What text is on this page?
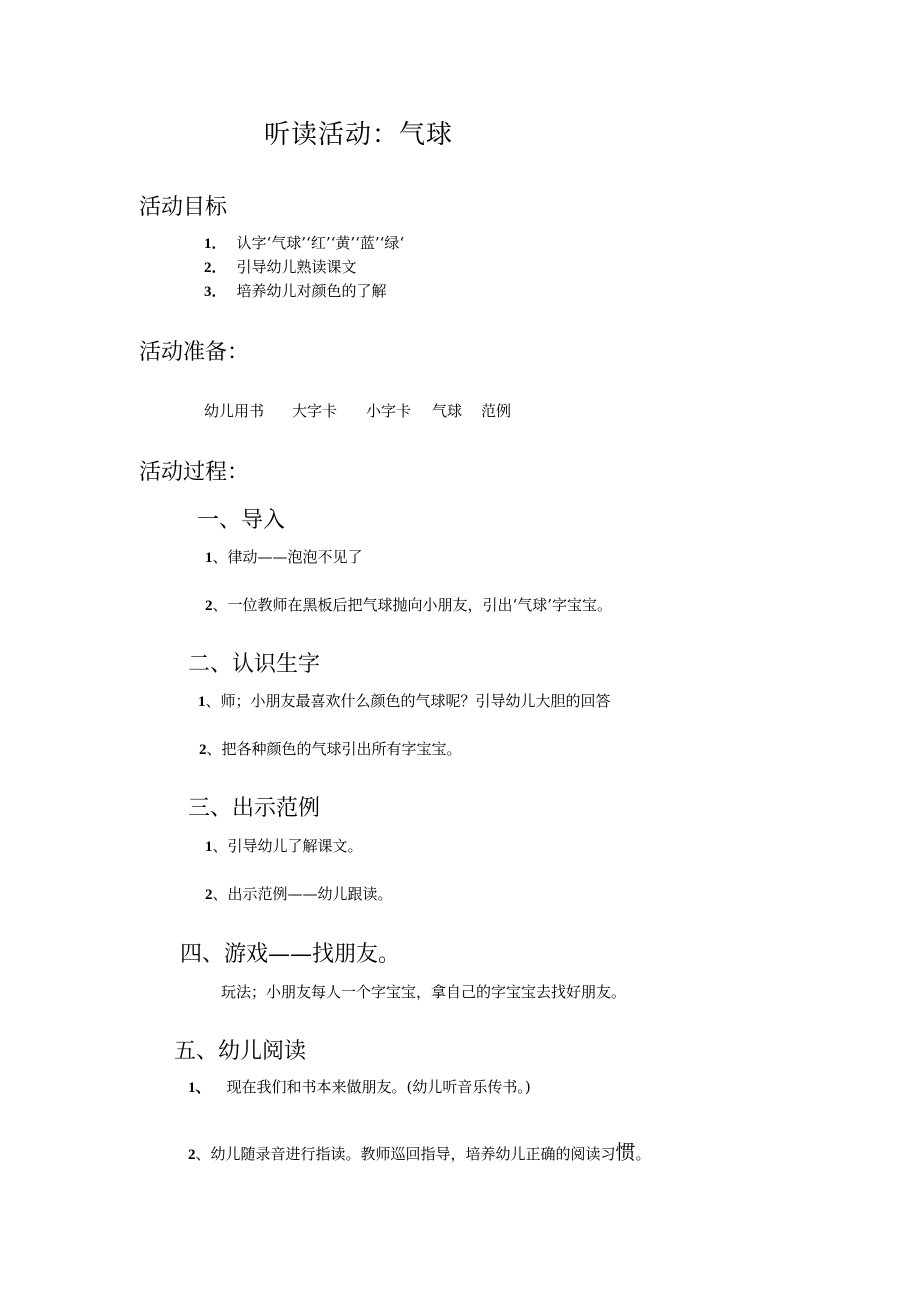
听读活动：气球
活动目标
1． 认字‘气球’‘红’‘黄’‘蓝’‘绿‘
2． 引导幼儿熟读课文
3． 培养幼儿对颜色的了解
活动准备：
幼儿用书 大字卡 小字卡 气球 范例
活动过程：
一、导入
1、律动——泡泡不见了
2、一位教师在黑板后把气球抛向小朋友，引出‘气球’字宝宝。
二、认识生字
1、师；小朋友最喜欢什么颜色的气球呢？引导幼儿大胆的回答
2、把各种颜色的气球引出所有字宝宝。
三、出示范例
1、引导幼儿了解课文。
2、出示范例——幼儿跟读。
四、游戏——找朋友。
玩法；小朋友每人一个字宝宝，拿自己的字宝宝去找好朋友。
五、幼儿阅读
1、 现在我们和书本来做朋友。(幼儿听音乐传书。)
2、幼儿随录音进行指读。教师巡回指导，培养幼儿正确的阅读习惯。
